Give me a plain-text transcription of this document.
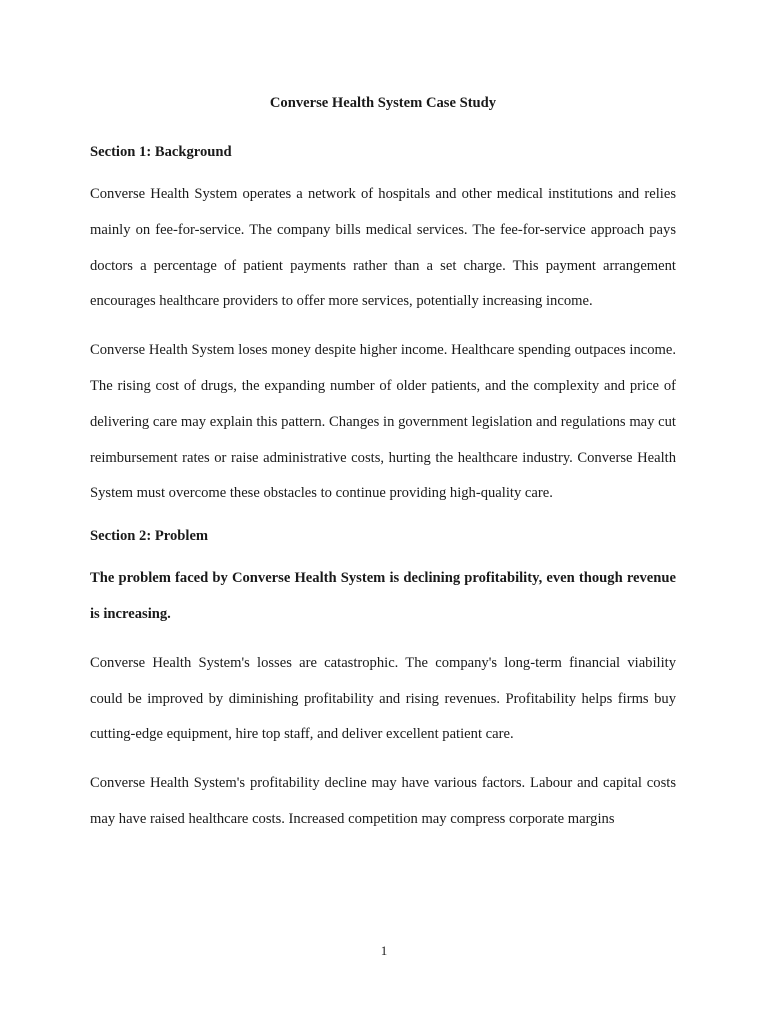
Converse Health System Case Study
Section 1: Background

Converse Health System operates a network of hospitals and other medical institutions and relies mainly on fee-for-service. The company bills medical services. The fee-for-service approach pays doctors a percentage of patient payments rather than a set charge. This payment arrangement encourages healthcare providers to offer more services, potentially increasing income.

Converse Health System loses money despite higher income. Healthcare spending outpaces income. The rising cost of drugs, the expanding number of older patients, and the complexity and price of delivering care may explain this pattern. Changes in government legislation and regulations may cut reimbursement rates or raise administrative costs, hurting the healthcare industry. Converse Health System must overcome these obstacles to continue providing high-quality care.

Section 2: Problem

The problem faced by Converse Health System is declining profitability, even though revenue is increasing.

Converse Health System's losses are catastrophic. The company's long-term financial viability could be improved by diminishing profitability and rising revenues. Profitability helps firms buy cutting-edge equipment, hire top staff, and deliver excellent patient care.

Converse Health System's profitability decline may have various factors. Labour and capital costs may have raised healthcare costs. Increased competition may compress corporate margins

1
